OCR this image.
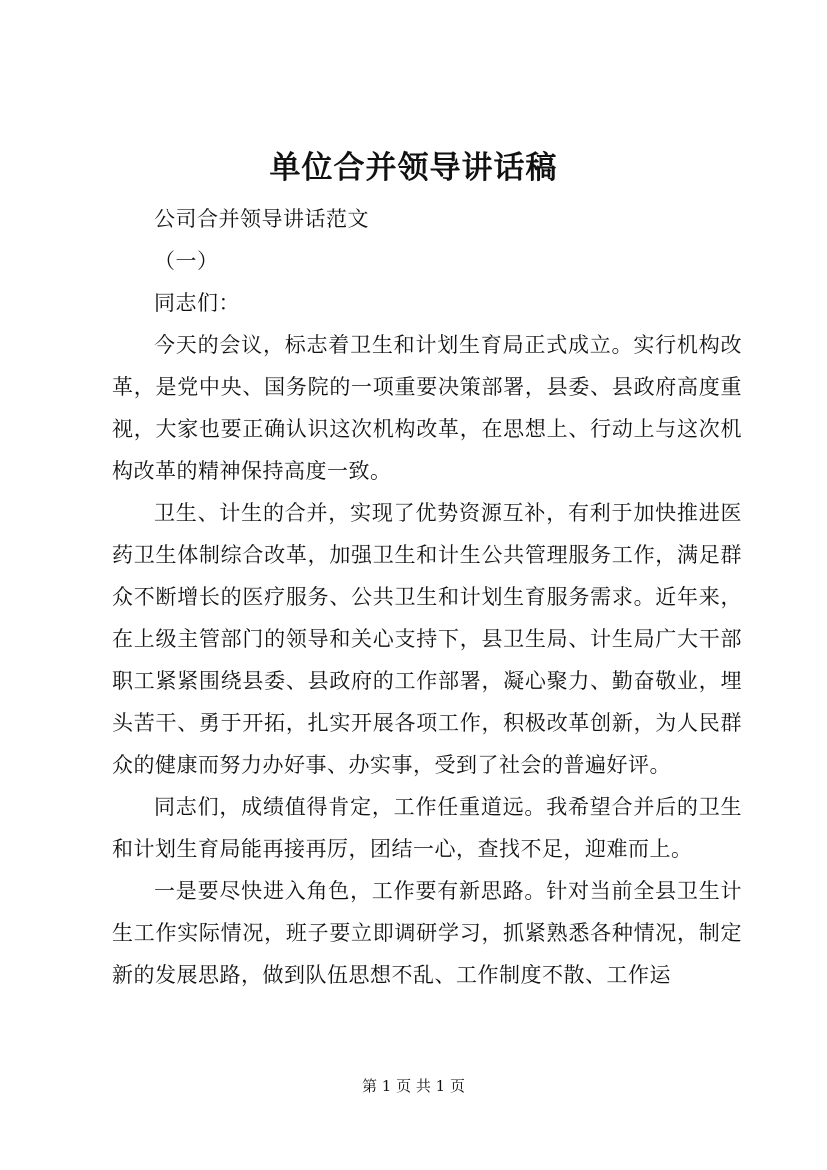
单位合并领导讲话稿

公司合并领导讲话范文

（一）

同志们：

今天的会议，标志着卫生和计划生育局正式成立。实行机构改革，是党中央、国务院的一项重要决策部署，县委、县政府高度重视，大家也要正确认识这次机构改革，在思想上、行动上与这次机构改革的精神保持高度一致。

卫生、计生的合并，实现了优势资源互补，有利于加快推进医药卫生体制综合改革，加强卫生和计生公共管理服务工作，满足群众不断增长的医疗服务、公共卫生和计划生育服务需求。近年来，在上级主管部门的领导和关心支持下，县卫生局、计生局广大干部职工紧紧围绕县委、县政府的工作部署，凝心聚力、勤奋敬业，埋头苦干、勇于开拓，扎实开展各项工作，积极改革创新，为人民群众的健康而努力办好事、办实事，受到了社会的普遍好评。

同志们，成绩值得肯定，工作任重道远。我希望合并后的卫生和计划生育局能再接再厉，团结一心，查找不足，迎难而上。

一是要尽快进入角色，工作要有新思路。针对当前全县卫生计生工作实际情况，班子要立即调研学习，抓紧熟悉各种情况，制定新的发展思路，做到队伍思想不乱、工作制度不散、工作运

第 1 页 共 1 页
